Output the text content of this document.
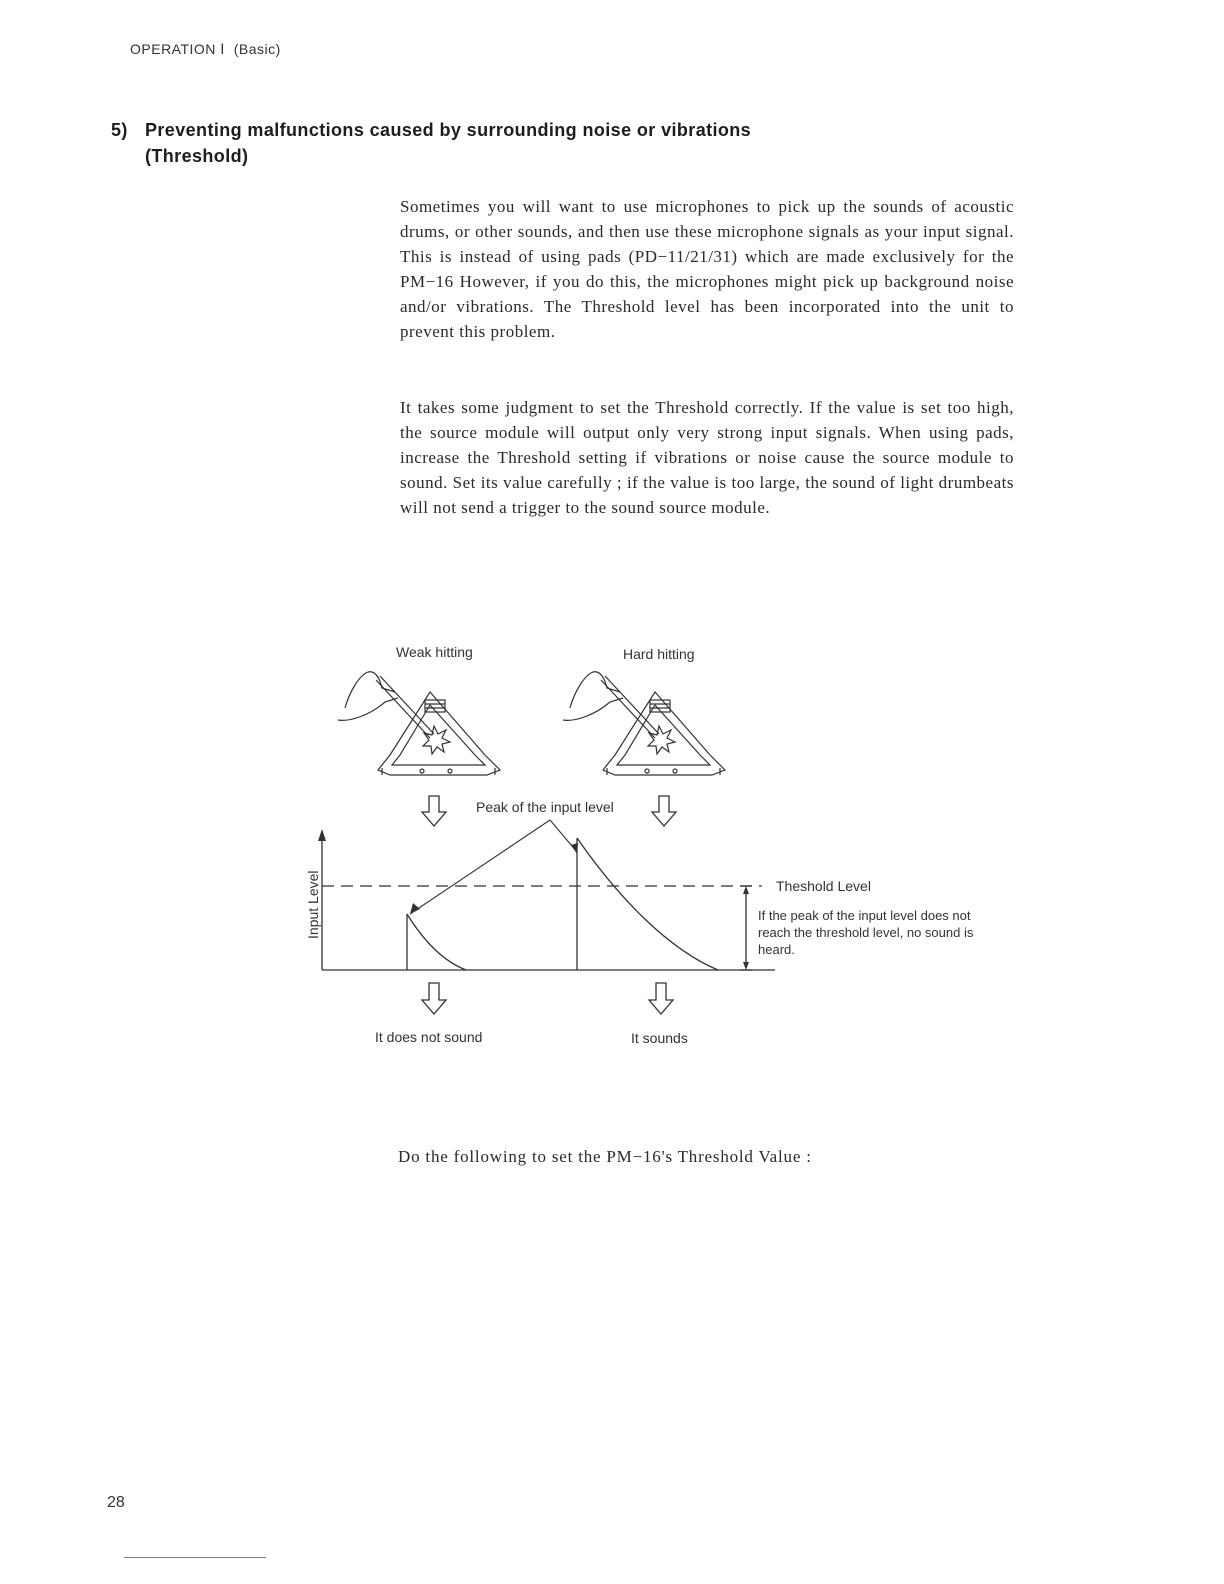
OPERATION Ⅰ (Basic)
5) Preventing malfunctions caused by surrounding noise or vibrations
(Threshold)

Sometimes you will want to use microphones to pick up the sounds of acoustic drums, or other sounds, and then use these microphone signals as your input signal. This is instead of using pads (PD−11/21/31) which are made exclusively for the PM−16 However, if you do this, the microphones might pick up background noise and/or vibrations. The Threshold level has been incorporated into the unit to prevent this problem.

It takes some judgment to set the Threshold correctly. If the value is set too high, the source module will output only very strong input signals. When using pads, increase the Threshold setting if vibrations or noise cause the source module to sound. Set its value carefully ; if the value is too large, the sound of light drumbeats will not send a trigger to the sound source module.

Weak hitting	Hard hitting
Peak of the input level
Input Level	Theshold Level
If the peak of the input level does not
reach the threshold level, no sound is
heard.
It does not sound	It sounds

Do the following to set the PM−16's Threshold Value :

28
